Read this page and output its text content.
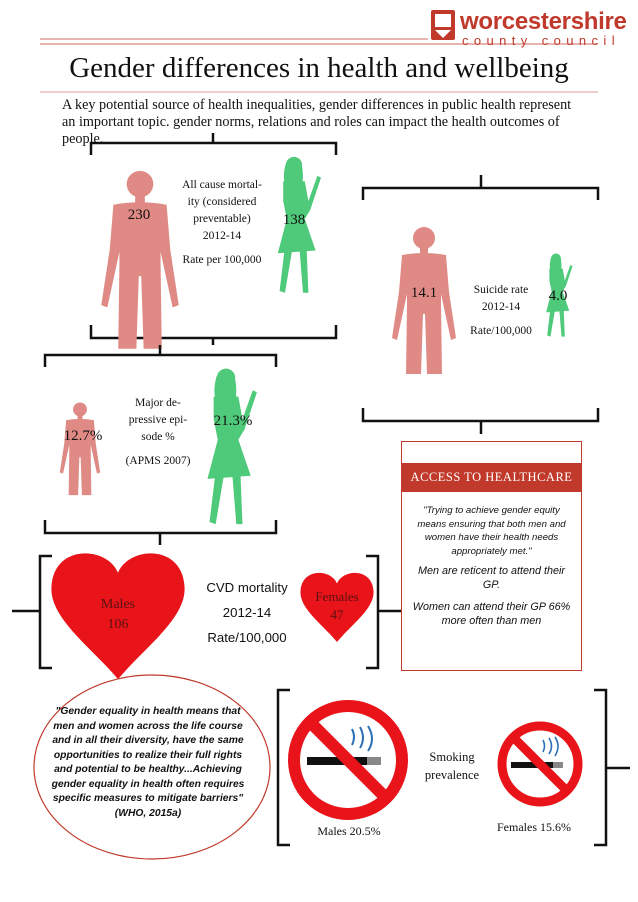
worcestershire
county council
Gender differences in health and wellbeing
A key potential source of health inequalities, gender differences in public health represent an important topic. gender norms, relations and roles can impact the health outcomes of people.
230	138
All cause mortal-
ity (considered
preventable)
2012-14
Rate per 100,000
14.1	4.0
Suicide rate
2012-14
Rate/100,000
12.7%
21.3%
Major de-
pressive epi-
sode %
(APMS 2007)
Males
106
Females
47
CVD mortality
2012-14
Rate/100,000
ACCESS TO HEALTHCARE
"Trying to achieve gender equity means ensuring that both men and women have their health needs appropriately met."
Men are reticent to attend their GP.
Women can attend their GP 66% more often than men
"Gender equality in health means that men and women across the life course and in all their diversity, have the same opportunities to realize their full rights and potential to be healthy...Achieving gender equality in health often requires specific measures to mitigate barriers" (WHO, 2015a)
Smoking
prevalence
Males 20.5%	Females 15.6%
